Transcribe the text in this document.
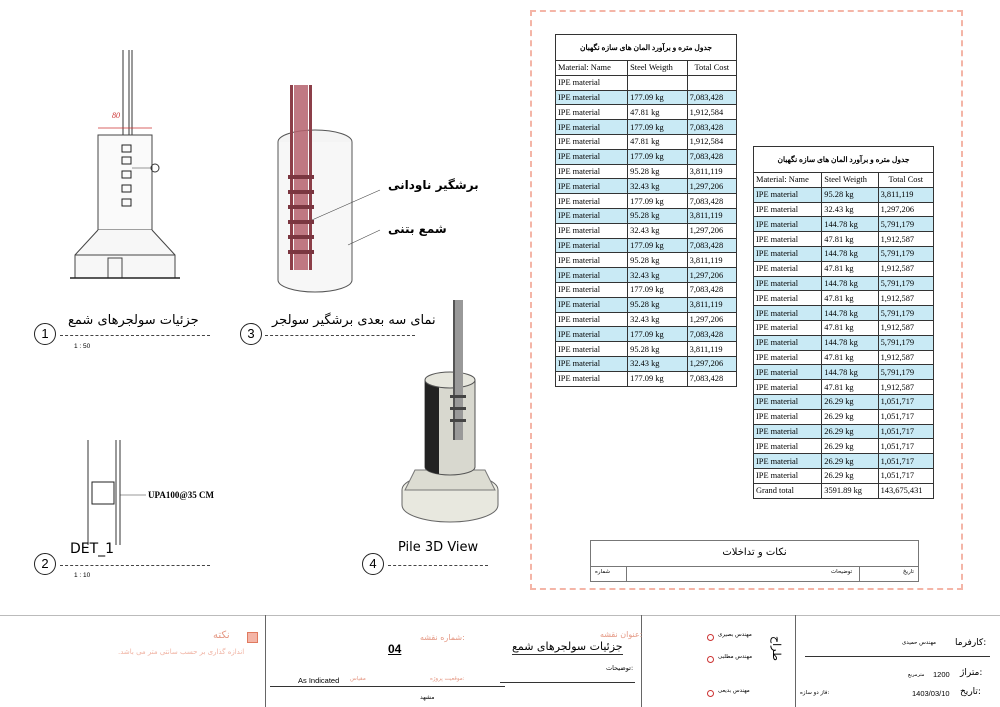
80
1
جزئیات سولجرهای شمع
1 : 50
برشگیر ناودانی
شمع بتنی
3
نمای سه بعدی برشگیر سولجر
UPA100@35 CM
2
DET_1
1 : 10
4
Pile 3D View
جدول متره و برآورد المان های سازه نگهبان		
Material: Name	Steel Weigth	Total Cost
IPE material		
IPE material	177.09 kg	7,083,428
IPE material	47.81 kg	1,912,584
IPE material	177.09 kg	7,083,428
IPE material	47.81 kg	1,912,584
IPE material	177.09 kg	7,083,428
IPE material	95.28 kg	3,811,119
IPE material	32.43 kg	1,297,206
IPE material	177.09 kg	7,083,428
IPE material	95.28 kg	3,811,119
IPE material	32.43 kg	1,297,206
IPE material	177.09 kg	7,083,428
IPE material	95.28 kg	3,811,119
IPE material	32.43 kg	1,297,206
IPE material	177.09 kg	7,083,428
IPE material	95.28 kg	3,811,119
IPE material	32.43 kg	1,297,206
IPE material	177.09 kg	7,083,428
IPE material	95.28 kg	3,811,119
IPE material	32.43 kg	1,297,206
IPE material	177.09 kg	7,083,428
جدول متره و برآورد المان های سازه نگهبان		
Material: Name	Steel Weigth	Total Cost
IPE material	95.28 kg	3,811,119
IPE material	32.43 kg	1,297,206
IPE material	144.78 kg	5,791,179
IPE material	47.81 kg	1,912,587
IPE material	144.78 kg	5,791,179
IPE material	47.81 kg	1,912,587
IPE material	144.78 kg	5,791,179
IPE material	47.81 kg	1,912,587
IPE material	144.78 kg	5,791,179
IPE material	47.81 kg	1,912,587
IPE material	144.78 kg	5,791,179
IPE material	47.81 kg	1,912,587
IPE material	144.78 kg	5,791,179
IPE material	47.81 kg	1,912,587
IPE material	26.29 kg	1,051,717
IPE material	26.29 kg	1,051,717
IPE material	26.29 kg	1,051,717
IPE material	26.29 kg	1,051,717
IPE material	26.29 kg	1,051,717
IPE material	26.29 kg	1,051,717
Grand total	3591.89 kg	143,675,431
نکات و تداخلات
شماره	توضیحات	تاریخ
نکته
اندازه گذاری بر حسب سانتی متر می باشد.
شماره نقشه:
04
عنوان نقشه:
جزئیات سولجرهای شمع
توضیحات:
مقیاس
As Indicated	موقعیت پروژه:
مشهد
مهندس بصیری
مهندس مطلبی
مهندس بدیعی
طراح	کارفرما:
مهندس حمیدی
متراژ:
1200
مترمربع
تاریخ:
1403/03/10
فاز دو سازه:
